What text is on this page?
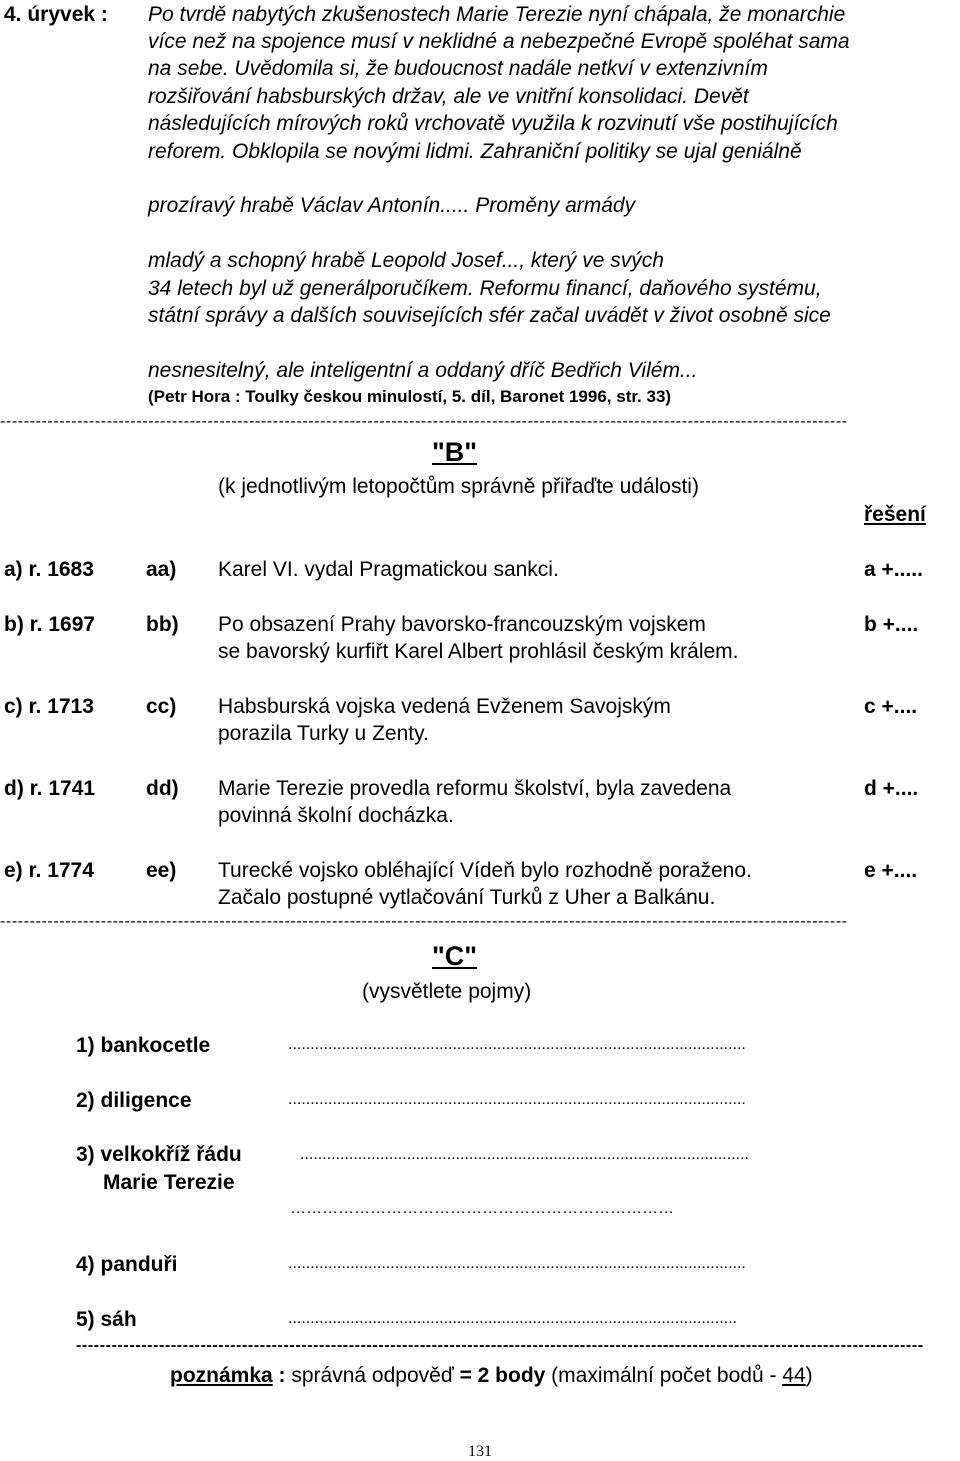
4. úryvek : Po tvrdě nabytých zkušenostech Marie Terezie nyní chápala, že monarchie
více než na spojence musí v neklidné a nebezpečné Evropě spoléhat sama
na sebe. Uvědomila si, že budoucnost nadále netkví v extenzivním
rozšiřování habsburských držav, ale ve vnitřní konsolidaci. Devět
následujících mírových roků vrchovatě využila k rozvinutí vše postihujících
reforem. Obklopila se novými lidmi. Zahraniční politiky se ujal geniálně
prozíravý hrabě Václav Antonín..... Proměny armády
mladý a schopný hrabě Leopold Josef..., který ve svých
34 letech byl už generálporučíkem. Reformu financí, daňového systému,
státní správy a dalších souvisejících sfér začal uvádět v život osobně sice
nesnesitelný, ale inteligentní a oddaný dříč Bedřich Vilém...
(Petr Hora : Toulky českou minulostí, 5. díl, Baronet 1996, str. 33)
-----------------------------------------------------------------------------------------------------------------------------------------------
"B"
(k jednotlivým letopočtům správně přiřaďte události)
řešení
a) r. 1683 aa) Karel VI. vydal Pragmatickou sankci.	a +.....
b) r. 1697 bb) Po obsazení Prahy bavorsko-francouzským vojskem
se bavorský kurfiřt Karel Albert prohlásil českým králem.
b +....
c) r. 1713 cc) Habsburská vojska vedená Evženem Savojským
porazila Turky u Zenty.
c +....
d) r. 1741 dd) Marie Terezie provedla reformu školství, byla zavedena
povinná školní docházka.
d +....
e) r. 1774 ee) Turecké vojsko obléhající Vídeň bylo rozhodně poraženo.
Začalo postupné vytlačování Turků z Uher a Balkánu.
e +....
-----------------------------------------------------------------------------------------------------------------------------------------------
"C"
(vysvětlete pojmy)
1) bankocetle	.......................................................................................................
2) diligence	.......................................................................................................
3) velkokříž řádu
Marie Terezie
.....................................................................................................
………………………………………………………………
4) panduři	.......................................................................................................
5) sáh	.....................................................................................................
-----------------------------------------------------------------------------------------------------------------------------------------------
poznámka : správná odpověď = 2 body (maximální počet bodů - 44)
131
